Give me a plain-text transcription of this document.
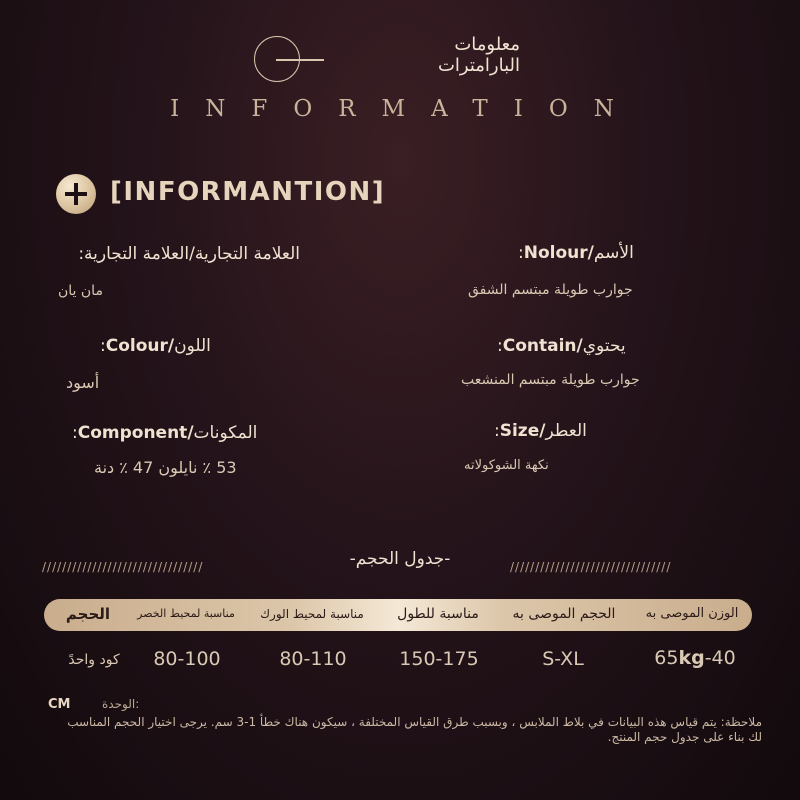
معلومات
البارامترات
INFORMATION
[INFORMANTION]
العلامة التجارية/العلامة التجارية:
مان يان
:Colour/اللون
أسود
:Component/المكونات
53 ٪ نايلون 47 ٪ دنة
:Nolour/الأسم
جوارب طويلة مبتسم الشفق
:Contain/يحتوي
جوارب طويلة مبتسم المنشعب
:Size/العطر
نكهة الشوكولاته
////////////////////////////////	-جدول الحجم-	////////////////////////////////
الحجم	مناسبة لمحيط الخصر	مناسبة لمحيط الورك	مناسبة للطول	الحجم الموصى به	الوزن الموصى به
كود واحدً	80-100	80-110	150-175	S-XL	65kg-40
الوحدة:
CM
ملاحظة: يتم قياس هذه البيانات في بلاط الملابس ، وبسبب طرق القياس المختلفة ، سيكون هناك خطأ 1-3 سم. يرجى اختيار الحجم المناسب لك بناء على جدول حجم المنتج.
